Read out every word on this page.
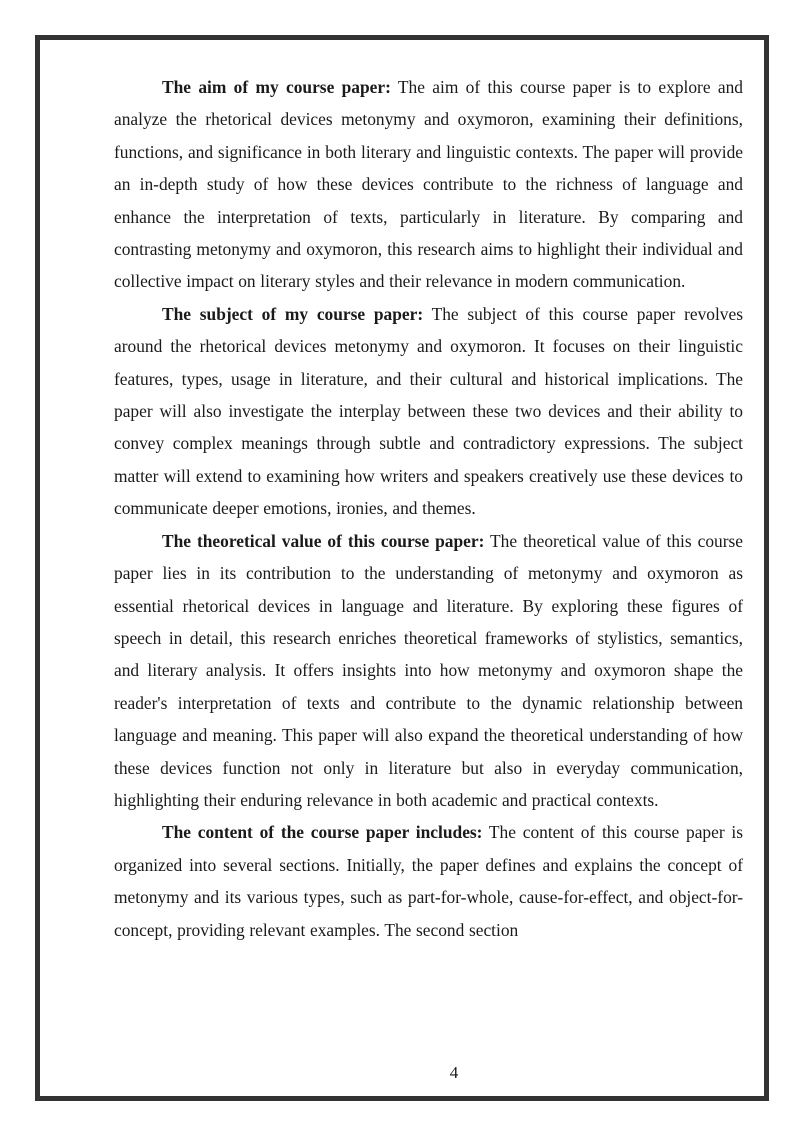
The aim of my course paper: The aim of this course paper is to explore and analyze the rhetorical devices metonymy and oxymoron, examining their definitions, functions, and significance in both literary and linguistic contexts. The paper will provide an in-depth study of how these devices contribute to the richness of language and enhance the interpretation of texts, particularly in literature. By comparing and contrasting metonymy and oxymoron, this research aims to highlight their individual and collective impact on literary styles and their relevance in modern communication.

The subject of my course paper: The subject of this course paper revolves around the rhetorical devices metonymy and oxymoron. It focuses on their linguistic features, types, usage in literature, and their cultural and historical implications. The paper will also investigate the interplay between these two devices and their ability to convey complex meanings through subtle and contradictory expressions. The subject matter will extend to examining how writers and speakers creatively use these devices to communicate deeper emotions, ironies, and themes.

The theoretical value of this course paper: The theoretical value of this course paper lies in its contribution to the understanding of metonymy and oxymoron as essential rhetorical devices in language and literature. By exploring these figures of speech in detail, this research enriches theoretical frameworks of stylistics, semantics, and literary analysis. It offers insights into how metonymy and oxymoron shape the reader's interpretation of texts and contribute to the dynamic relationship between language and meaning. This paper will also expand the theoretical understanding of how these devices function not only in literature but also in everyday communication, highlighting their enduring relevance in both academic and practical contexts.

The content of the course paper includes: The content of this course paper is organized into several sections. Initially, the paper defines and explains the concept of metonymy and its various types, such as part-for-whole, cause-for-effect, and object-for-concept, providing relevant examples. The second section

4
